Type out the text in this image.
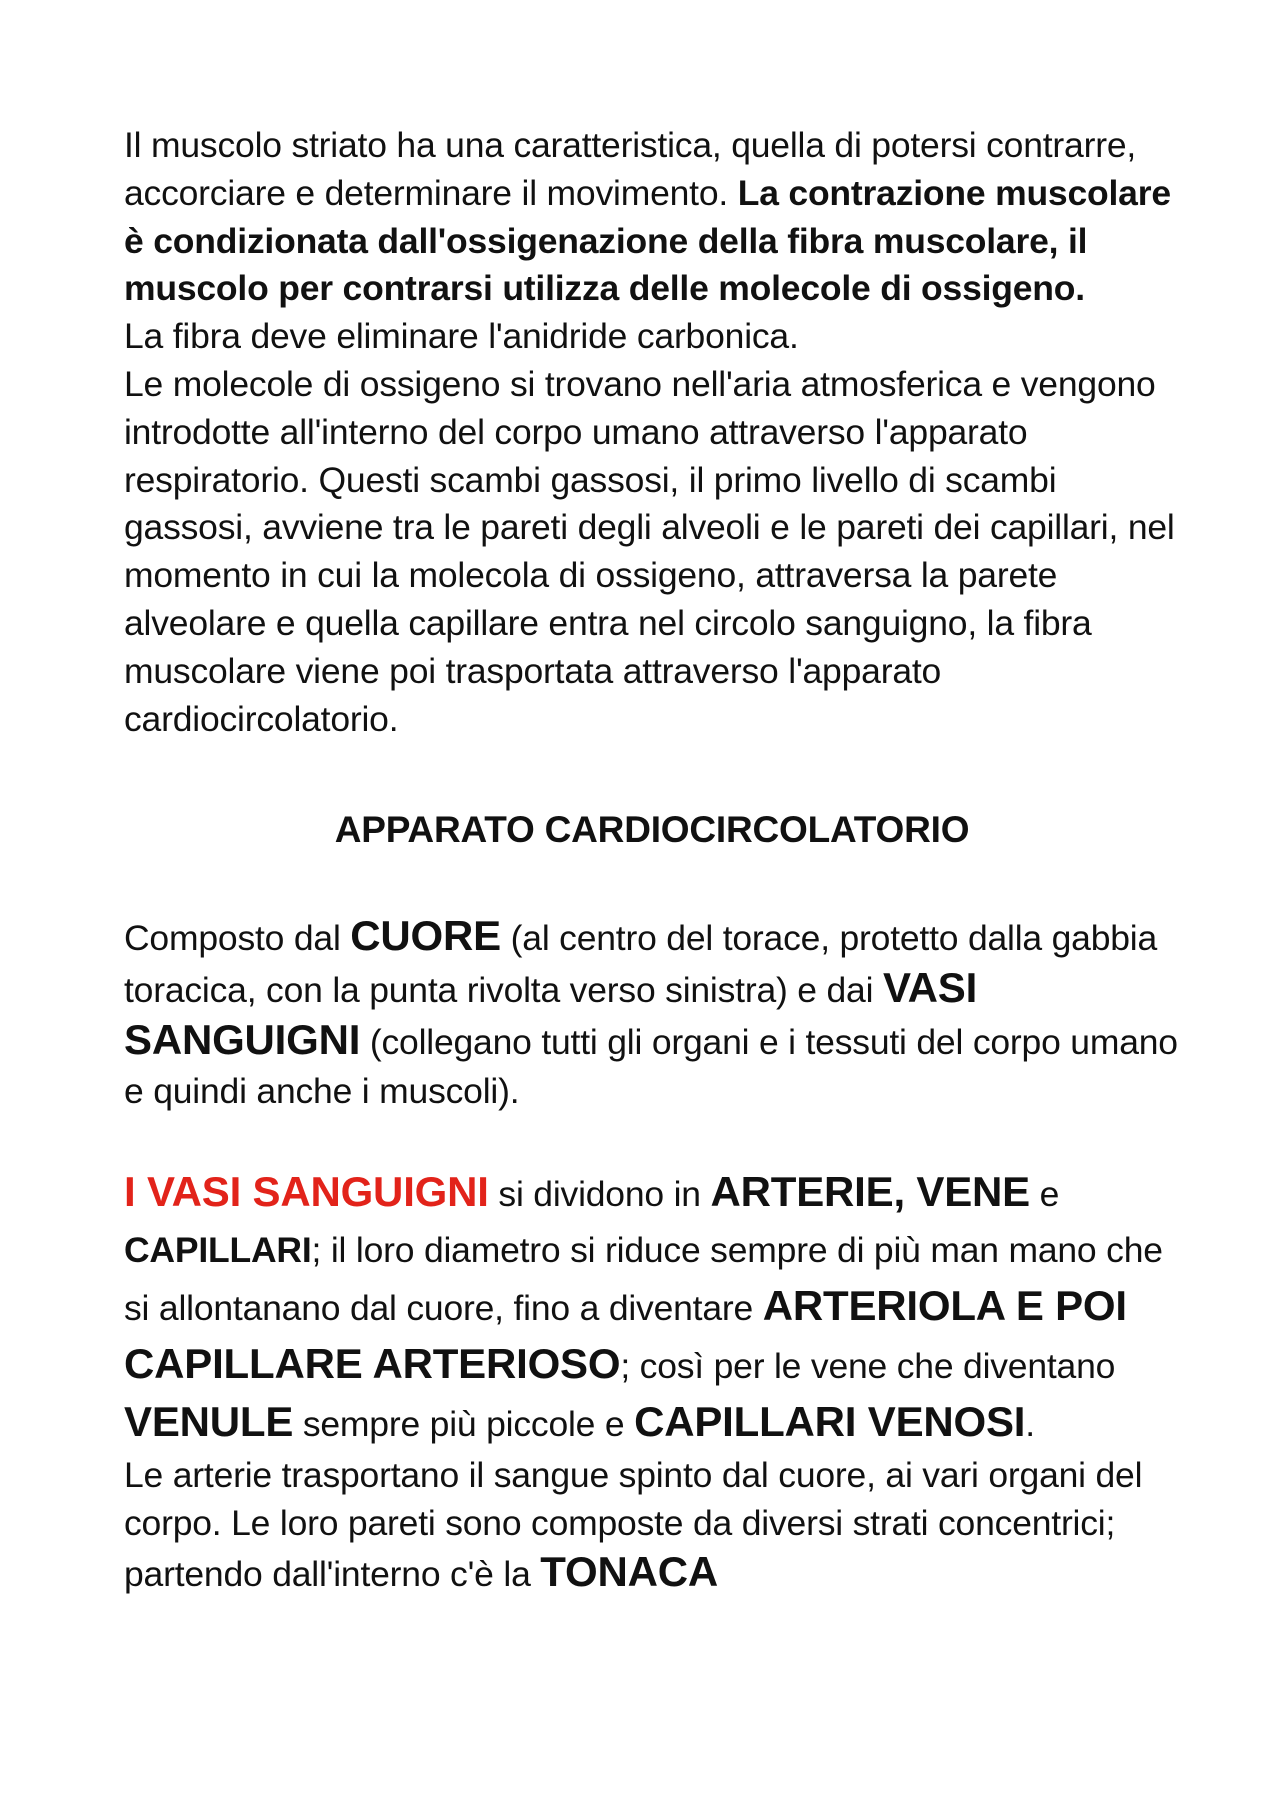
Il muscolo striato ha una caratteristica, quella di potersi contrarre, accorciare e determinare il movimento. La contrazione muscolare è condizionata dall'ossigenazione della fibra muscolare, il muscolo per contrarsi utilizza delle molecole di ossigeno.

La fibra deve eliminare l'anidride carbonica.

Le molecole di ossigeno si trovano nell'aria atmosferica e vengono introdotte all'interno del corpo umano attraverso l'apparato respiratorio. Questi scambi gassosi, il primo livello di scambi gassosi, avviene tra le pareti degli alveoli e le pareti dei capillari, nel momento in cui la molecola di ossigeno, attraversa la parete alveolare e quella capillare entra nel circolo sanguigno, la fibra muscolare viene poi trasportata attraverso l'apparato cardiocircolatorio.

APPARATO CARDIOCIRCOLATORIO

Composto dal CUORE (al centro del torace, protetto dalla gabbia toracica, con la punta rivolta verso sinistra) e dai VASI SANGUIGNI (collegano tutti gli organi e i tessuti del corpo umano e quindi anche i muscoli).

I VASI SANGUIGNI si dividono in ARTERIE, VENE e CAPILLARI; il loro diametro si riduce sempre di più man mano che si allontanano dal cuore, fino a diventare ARTERIOLA E POI CAPILLARE ARTERIOSO; così per le vene che diventano VENULE sempre più piccole e CAPILLARI VENOSI.

Le arterie trasportano il sangue spinto dal cuore, ai vari organi del corpo. Le loro pareti sono composte da diversi strati concentrici; partendo dall'interno c'è la TONACA
